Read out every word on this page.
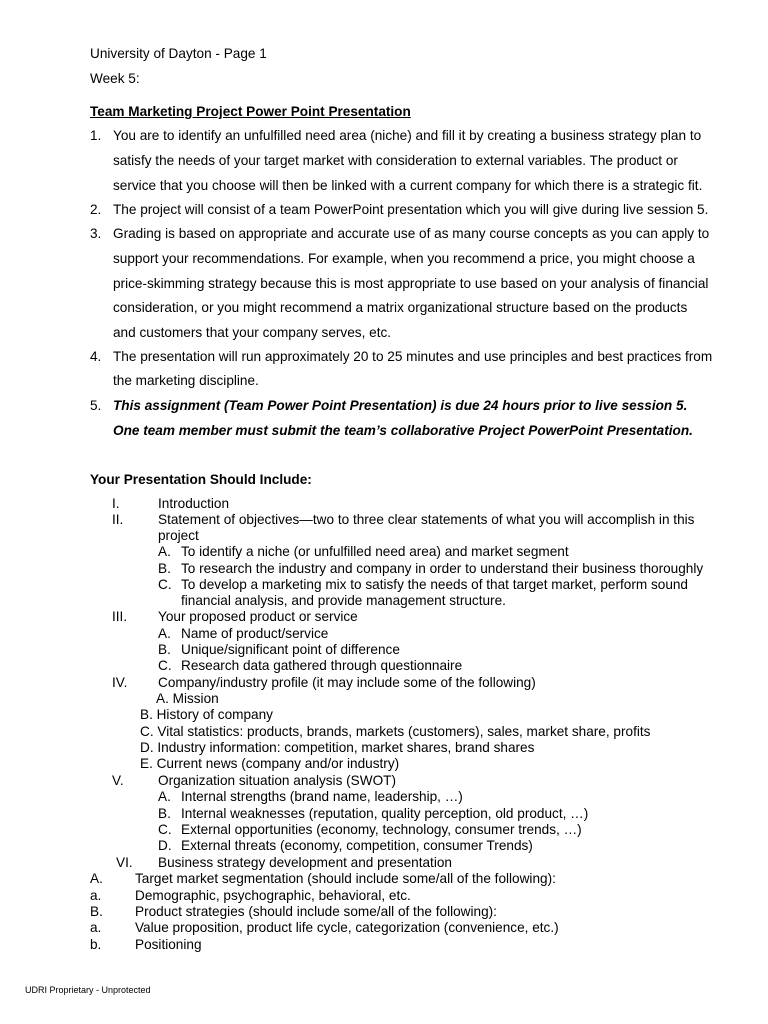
University of Dayton - Page 1
Week 5:
Team Marketing Project Power Point Presentation
1. You are to identify an unfulfilled need area (niche) and fill it by creating a business strategy plan to
satisfy the needs of your target market with consideration to external variables. The product or
service that you choose will then be linked with a current company for which there is a strategic fit.
2. The project will consist of a team PowerPoint presentation which you will give during live session 5.
3. Grading is based on appropriate and accurate use of as many course concepts as you can apply to
support your recommendations. For example, when you recommend a price, you might choose a
price-skimming strategy because this is most appropriate to use based on your analysis of financial
consideration, or you might recommend a matrix organizational structure based on the products
and customers that your company serves, etc.
4. The presentation will run approximately 20 to 25 minutes and use principles and best practices from
the marketing discipline.
5. This assignment (Team Power Point Presentation) is due 24 hours prior to live session 5.
One team member must submit the team’s collaborative Project PowerPoint Presentation.
Your Presentation Should Include:
I.	Introduction
II.	Statement of objectives—two to three clear statements of what you will accomplish in this
project
A. To identify a niche (or unfulfilled need area) and market segment
B. To research the industry and company in order to understand their business thoroughly
C. To develop a marketing mix to satisfy the needs of that target market, perform sound
financial analysis, and provide management structure.
III. Your proposed product or service
A. Name of product/service
B. Unique/significant point of difference
C. Research data gathered through questionnaire
IV. Company/industry profile (it may include some of the following)
A. Mission
B. History of company
C. Vital statistics: products, brands, markets (customers), sales, market share, profits
D. Industry information: competition, market shares, brand shares
E. Current news (company and/or industry)
V.	Organization situation analysis (SWOT)
A. Internal strengths (brand name, leadership, …)
B. Internal weaknesses (reputation, quality perception, old product, …)
C. External opportunities (economy, technology, consumer trends, …)
D. External threats (economy, competition, consumer Trends)
VI. Business strategy development and presentation
A. Target market segmentation (should include some/all of the following):
a. Demographic, psychographic, behavioral, etc.
B. Product strategies (should include some/all of the following):
a. Value proposition, product life cycle, categorization (convenience, etc.)
b. Positioning
UDRI Proprietary - Unprotected
